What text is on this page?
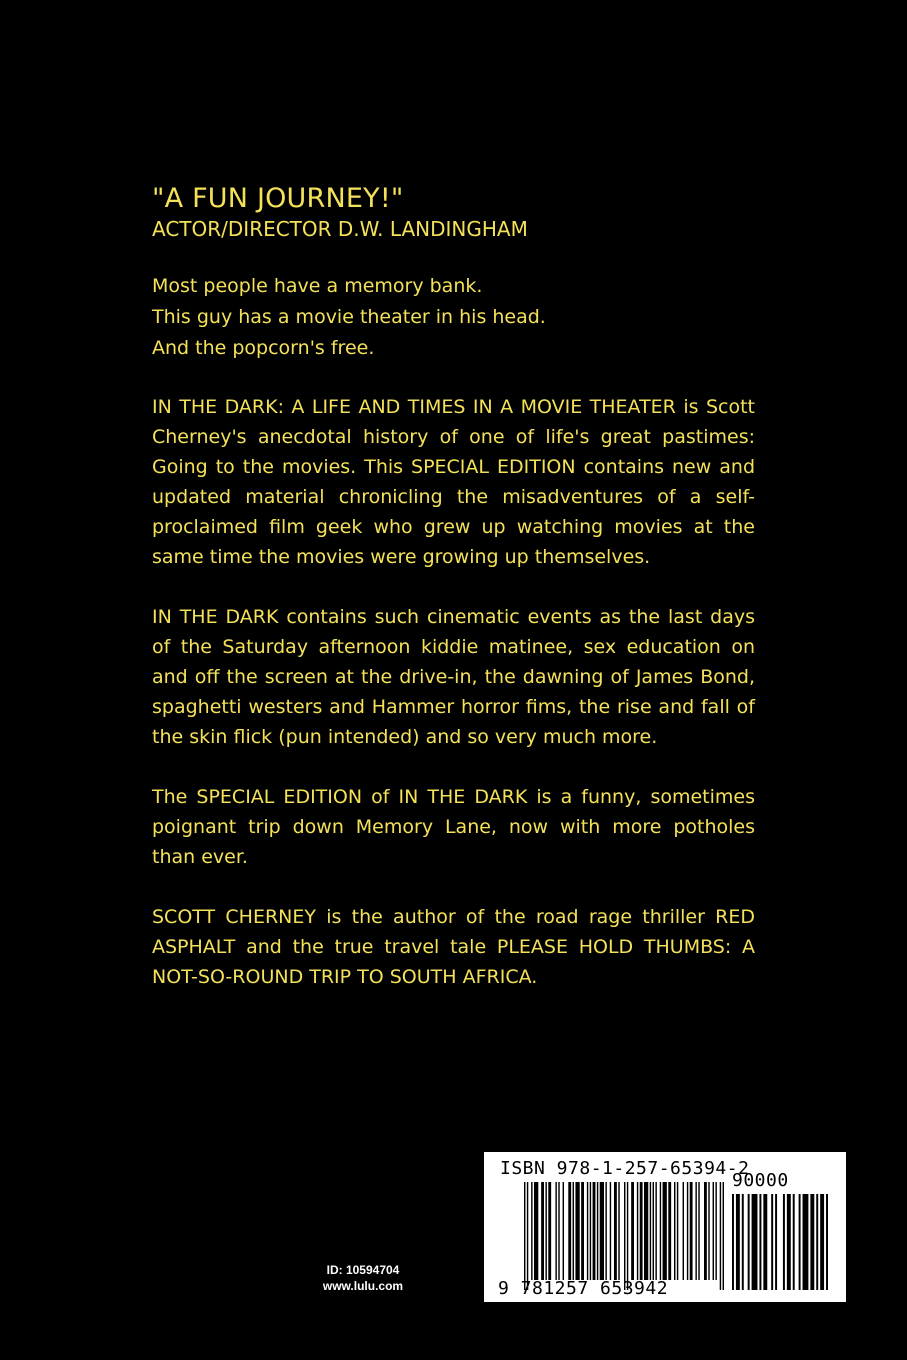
"A FUN JOURNEY!"

ACTOR/DIRECTOR D.W. LANDINGHAM

Most people have a memory bank.

This guy has a movie theater in his head.

And the popcorn's free.

IN THE DARK: A LIFE AND TIMES IN A MOVIE THEATER is Scott Cherney's anecdotal history of one of life's great pastimes: Going to the movies. This SPECIAL EDITION contains new and updated material chronicling the misadventures of a self-proclaimed film geek who grew up watching movies at the same time the movies were growing up themselves.

IN THE DARK contains such cinematic events as the last days of the Saturday afternoon kiddie matinee, sex education on and off the screen at the drive-in, the dawning of James Bond, spaghetti westers and Hammer horror fims, the rise and fall of the skin flick (pun intended) and so very much more.

The SPECIAL EDITION of IN THE DARK is a funny, sometimes poignant trip down Memory Lane, now with more potholes than ever.

SCOTT CHERNEY is the author of the road rage thriller RED ASPHALT and the true travel tale PLEASE HOLD THUMBS: A NOT-SO-ROUND TRIP TO SOUTH AFRICA.

ID: 10594704
www.lulu.com
ISBN 978-1-257-65394-2
90000
9 781257 653942
